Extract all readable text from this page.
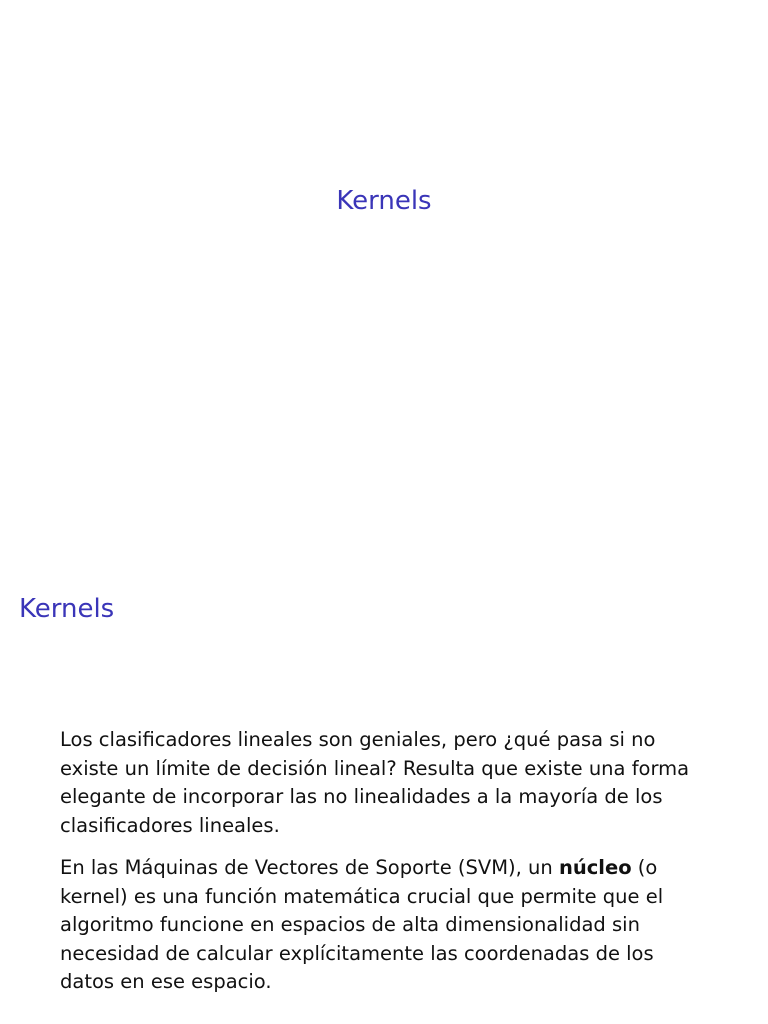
Kernels
Kernels

Los clasificadores lineales son geniales, pero ¿qué pasa si no existe un límite de decisión lineal? Resulta que existe una forma elegante de incorporar las no linealidades a la mayoría de los clasificadores lineales.

En las Máquinas de Vectores de Soporte (SVM), un núcleo (o kernel) es una función matemática crucial que permite que el algoritmo funcione en espacios de alta dimensionalidad sin necesidad de calcular explícitamente las coordenadas de los datos en ese espacio.
